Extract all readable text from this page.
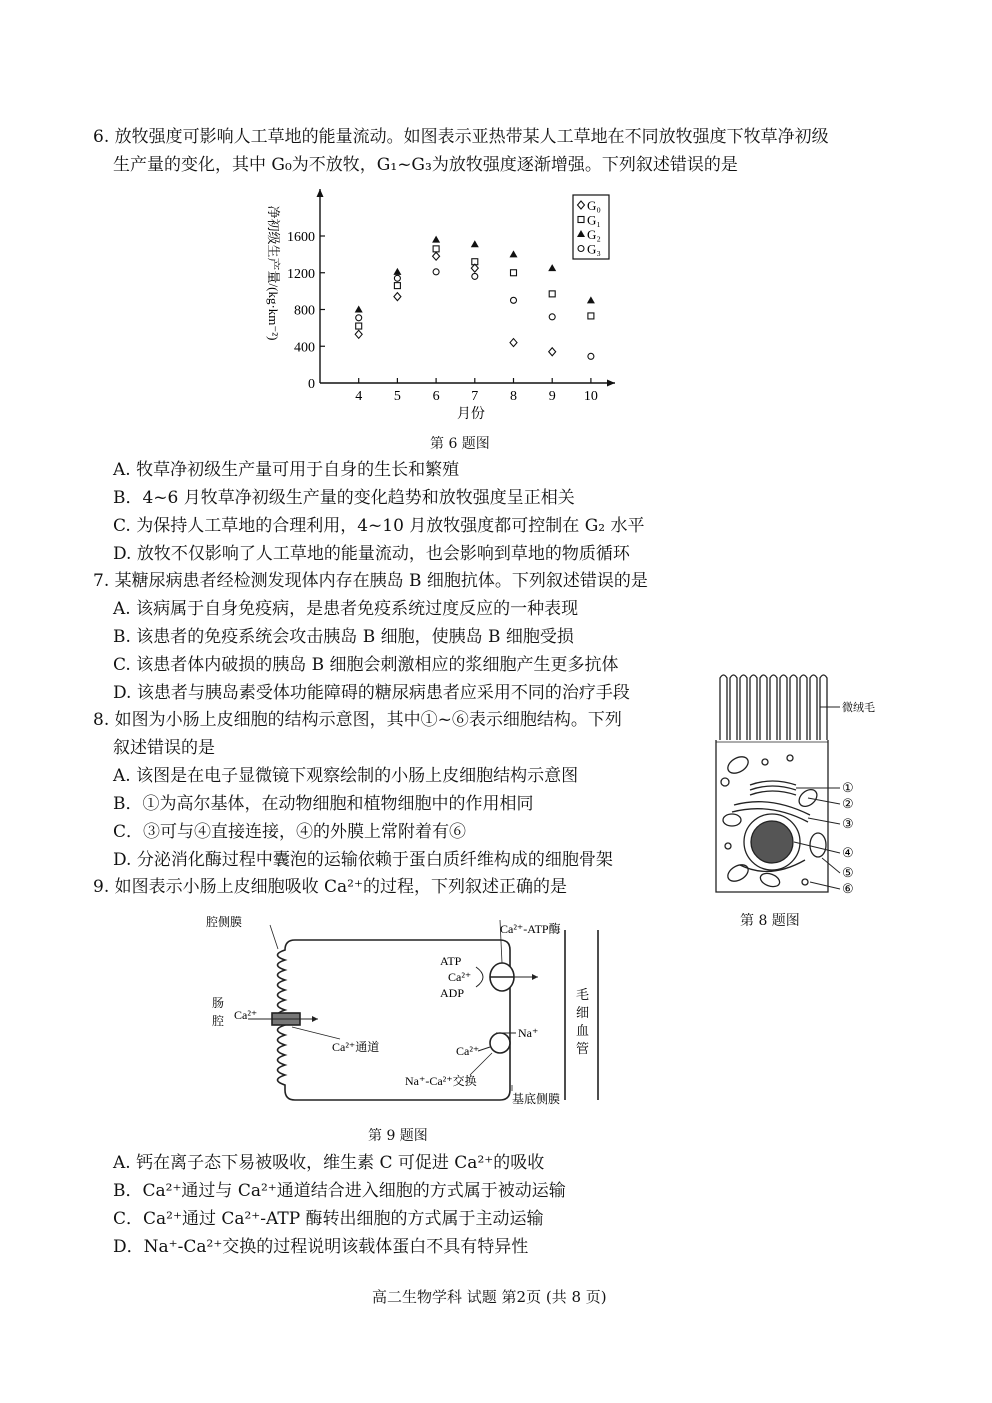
6. 放牧强度可影响人工草地的能量流动。如图表示亚热带某人工草地在不同放牧强度下牧草净初级
生产量的变化，其中 G₀为不放牧，G₁~G₃为放牧强度逐渐增强。下列叙述错误的是
0
400
800
1200
1600
4 5 6 7 8 9 10
月份
净初级生产量/(kg·km⁻²)
G₀
G₁
G₂
G₃
第 6 题图
A. 牧草净初级生产量可用于自身的生长和繁殖
B．4~6 月牧草净初级生产量的变化趋势和放牧强度呈正相关
C. 为保持人工草地的合理利用，4~10 月放牧强度都可控制在 G₂ 水平
D. 放牧不仅影响了人工草地的能量流动，也会影响到草地的物质循环
7. 某糖尿病患者经检测发现体内存在胰岛 B 细胞抗体。下列叙述错误的是
A. 该病属于自身免疫病，是患者免疫系统过度反应的一种表现
B. 该患者的免疫系统会攻击胰岛 B 细胞，使胰岛 B 细胞受损
C. 该患者体内破损的胰岛 B 细胞会刺激相应的浆细胞产生更多抗体
D. 该患者与胰岛素受体功能障碍的糖尿病患者应采用不同的治疗手段
8. 如图为小肠上皮细胞的结构示意图，其中①~⑥表示细胞结构。下列
叙述错误的是
A. 该图是在电子显微镜下观察绘制的小肠上皮细胞结构示意图
B．①为高尔基体，在动物细胞和植物细胞中的作用相同
C．③可与④直接连接，④的外膜上常附着有⑥
D. 分泌消化酶过程中囊泡的运输依赖于蛋白质纤维构成的细胞骨架
微绒毛
①
②
③
④
⑤
⑥
第 8 题图
9. 如图表示小肠上皮细胞吸收 Ca²⁺的过程，下列叙述正确的是
腔侧膜
肠
腔 Ca²⁺
Ca²⁺通道
Ca²⁺-ATP酶
ATP
Ca²⁺
ADP
Na⁺
Ca²⁺
Na⁺-Ca²⁺交换
基底侧膜
毛
细
血
管
第 9 题图
A. 钙在离子态下易被吸收，维生素 C 可促进 Ca²⁺的吸收
B．Ca²⁺通过与 Ca²⁺通道结合进入细胞的方式属于被动运输
C．Ca²⁺通过 Ca²⁺-ATP 酶转出细胞的方式属于主动运输
D．Na⁺-Ca²⁺交换的过程说明该载体蛋白不具有特异性
高二生物学科 试题 第2页 (共 8 页)
